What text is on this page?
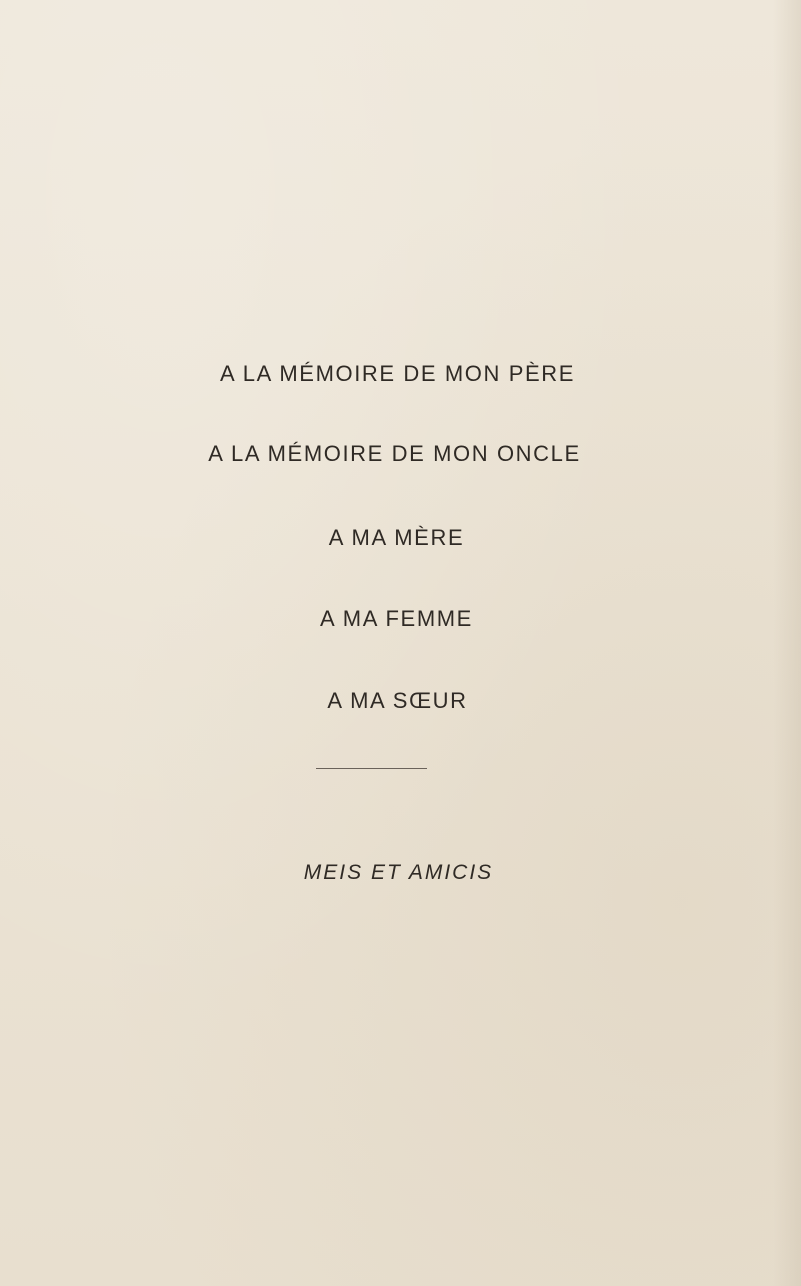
A LA MÉMOIRE DE MON PÈRE
A LA MÉMOIRE DE MON ONCLE
A MA MÈRE
A MA FEMME
A MA SŒUR
MEIS ET AMICIS
